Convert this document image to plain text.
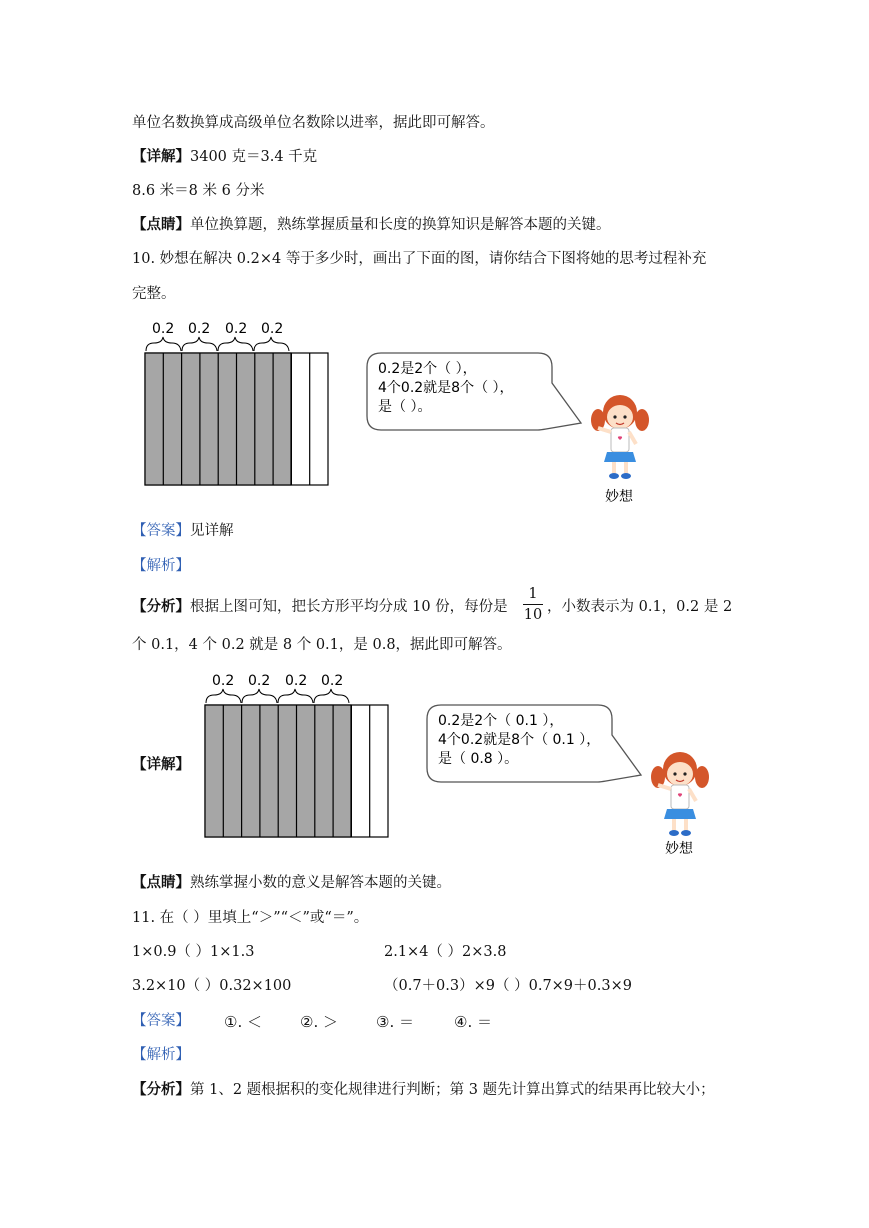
单位名数换算成高级单位名数除以进率，据此即可解答。
【详解】3400 克＝3.4 千克
8.6 米＝8 米 6 分米
【点睛】单位换算题，熟练掌握质量和长度的换算知识是解答本题的关键。
10. 妙想在解决 0.2×4 等于多少时，画出了下面的图，请你结合下图将她的思考过程补充
完整。
0.2 0.2 0.2 0.2
0.2是2个（ ），
4个0.2就是8个（ ），
是（ ）。
妙想
【答案】见详解
【解析】
【分析】根据上图可知，把长方形平均分成 10 份，每份是
1
10 ，小数表示为 0.1，0.2 是 2
个 0.1，4 个 0.2 就是 8 个 0.1，是 0.8，据此即可解答。
【详解】
0.2 0.2 0.2 0.2
0.2是2个（ 0.1 ），
4个0.2就是8个（ 0.1 ），
是（ 0.8 ）。
妙想
【点睛】熟练掌握小数的意义是解答本题的关键。
11. 在（ ）里填上“＞”“＜”或“＝”。
1×0.9（ ）1×1.3	2.1×4（ ）2×3.8
3.2×10（ ）0.32×100	（0.7＋0.3）×9（ ）0.7×9＋0.3×9
【答案】 ①. ＜	②. ＞	③. ＝	④. ＝
【解析】
【分析】第 1、2 题根据积的变化规律进行判断；第 3 题先计算出算式的结果再比较大小；
